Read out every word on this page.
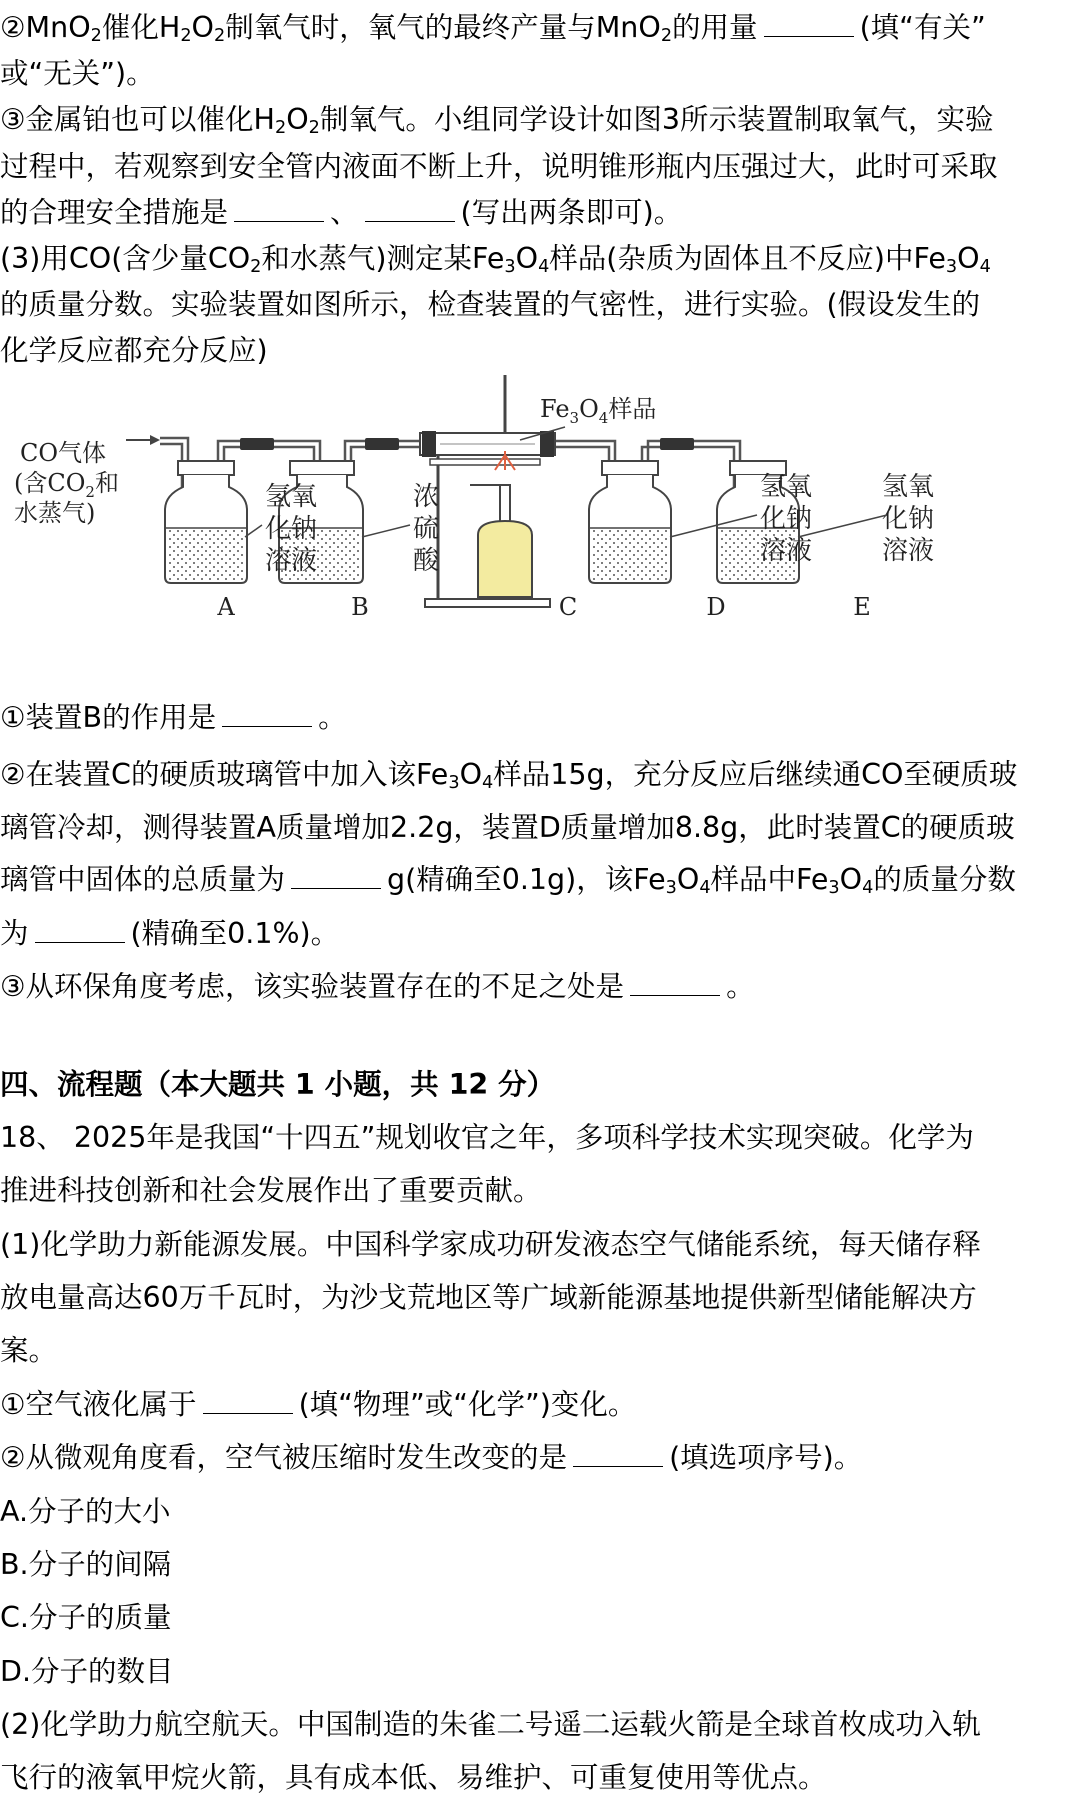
②MnO$_2$催化$H_2O_2$制氧气时，氧气的最终产量与MnO$_2$的用量	(填“有关”
或“无关”)。
③金属铂也可以催化$H_2O_2$制氧气。小组同学设计如图3所示装置制取氧气，实验
过程中，若观察到安全管内液面不断上升，说明锥形瓶内压强过大，此时可采取
的合理安全措施是	、	(写出两条即可)。
(3)用CO(含少量$CO_2$和水蒸气)测定某$Fe_3O_4$样品(杂质为固体且不反应)中$Fe_3O_4$
的质量分数。实验装置如图所示，检查装置的气密性，进行实验。(假设发生的
化学反应都充分反应)
CO气体
(含$CO_2$和
水蒸气)
$Fe_3O_4$样品
氢氧
化钠
溶液
浓
硫
酸
氢氧
化钠
溶液
氢氧
化钠
溶液
A	B	C	D	E
①装置B的作用是	。
②在装置C的硬质玻璃管中加入该$Fe_3O_4$样品15g，充分反应后继续通CO至硬质玻
璃管冷却，测得装置A质量增加2.2g，装置D质量增加8.8g，此时装置C的硬质玻
璃管中固体的总质量为	g(精确至0.1g)，该$Fe_3O_4$样品中$Fe_3O_4$的质量分数
为	(精确至0.1%)。
③从环保角度考虑，该实验装置存在的不足之处是	。
四、流程题（本大题共 1 小题，共 12 分）
18、 2025年是我国“十四五”规划收官之年，多项科学技术实现突破。化学为
推进科技创新和社会发展作出了重要贡献。
(1)化学助力新能源发展。中国科学家成功研发液态空气储能系统，每天储存释
放电量高达60万千瓦时，为沙戈荒地区等广域新能源基地提供新型储能解决方
案。
①空气液化属于	(填“物理”或“化学”)变化。
②从微观角度看，空气被压缩时发生改变的是	(填选项序号)。
A.分子的大小
B.分子的间隔
C.分子的质量
D.分子的数目
(2)化学助力航空航天。中国制造的朱雀二号遥二运载火箭是全球首枚成功入轨
飞行的液氧甲烷火箭，具有成本低、易维护、可重复使用等优点。
